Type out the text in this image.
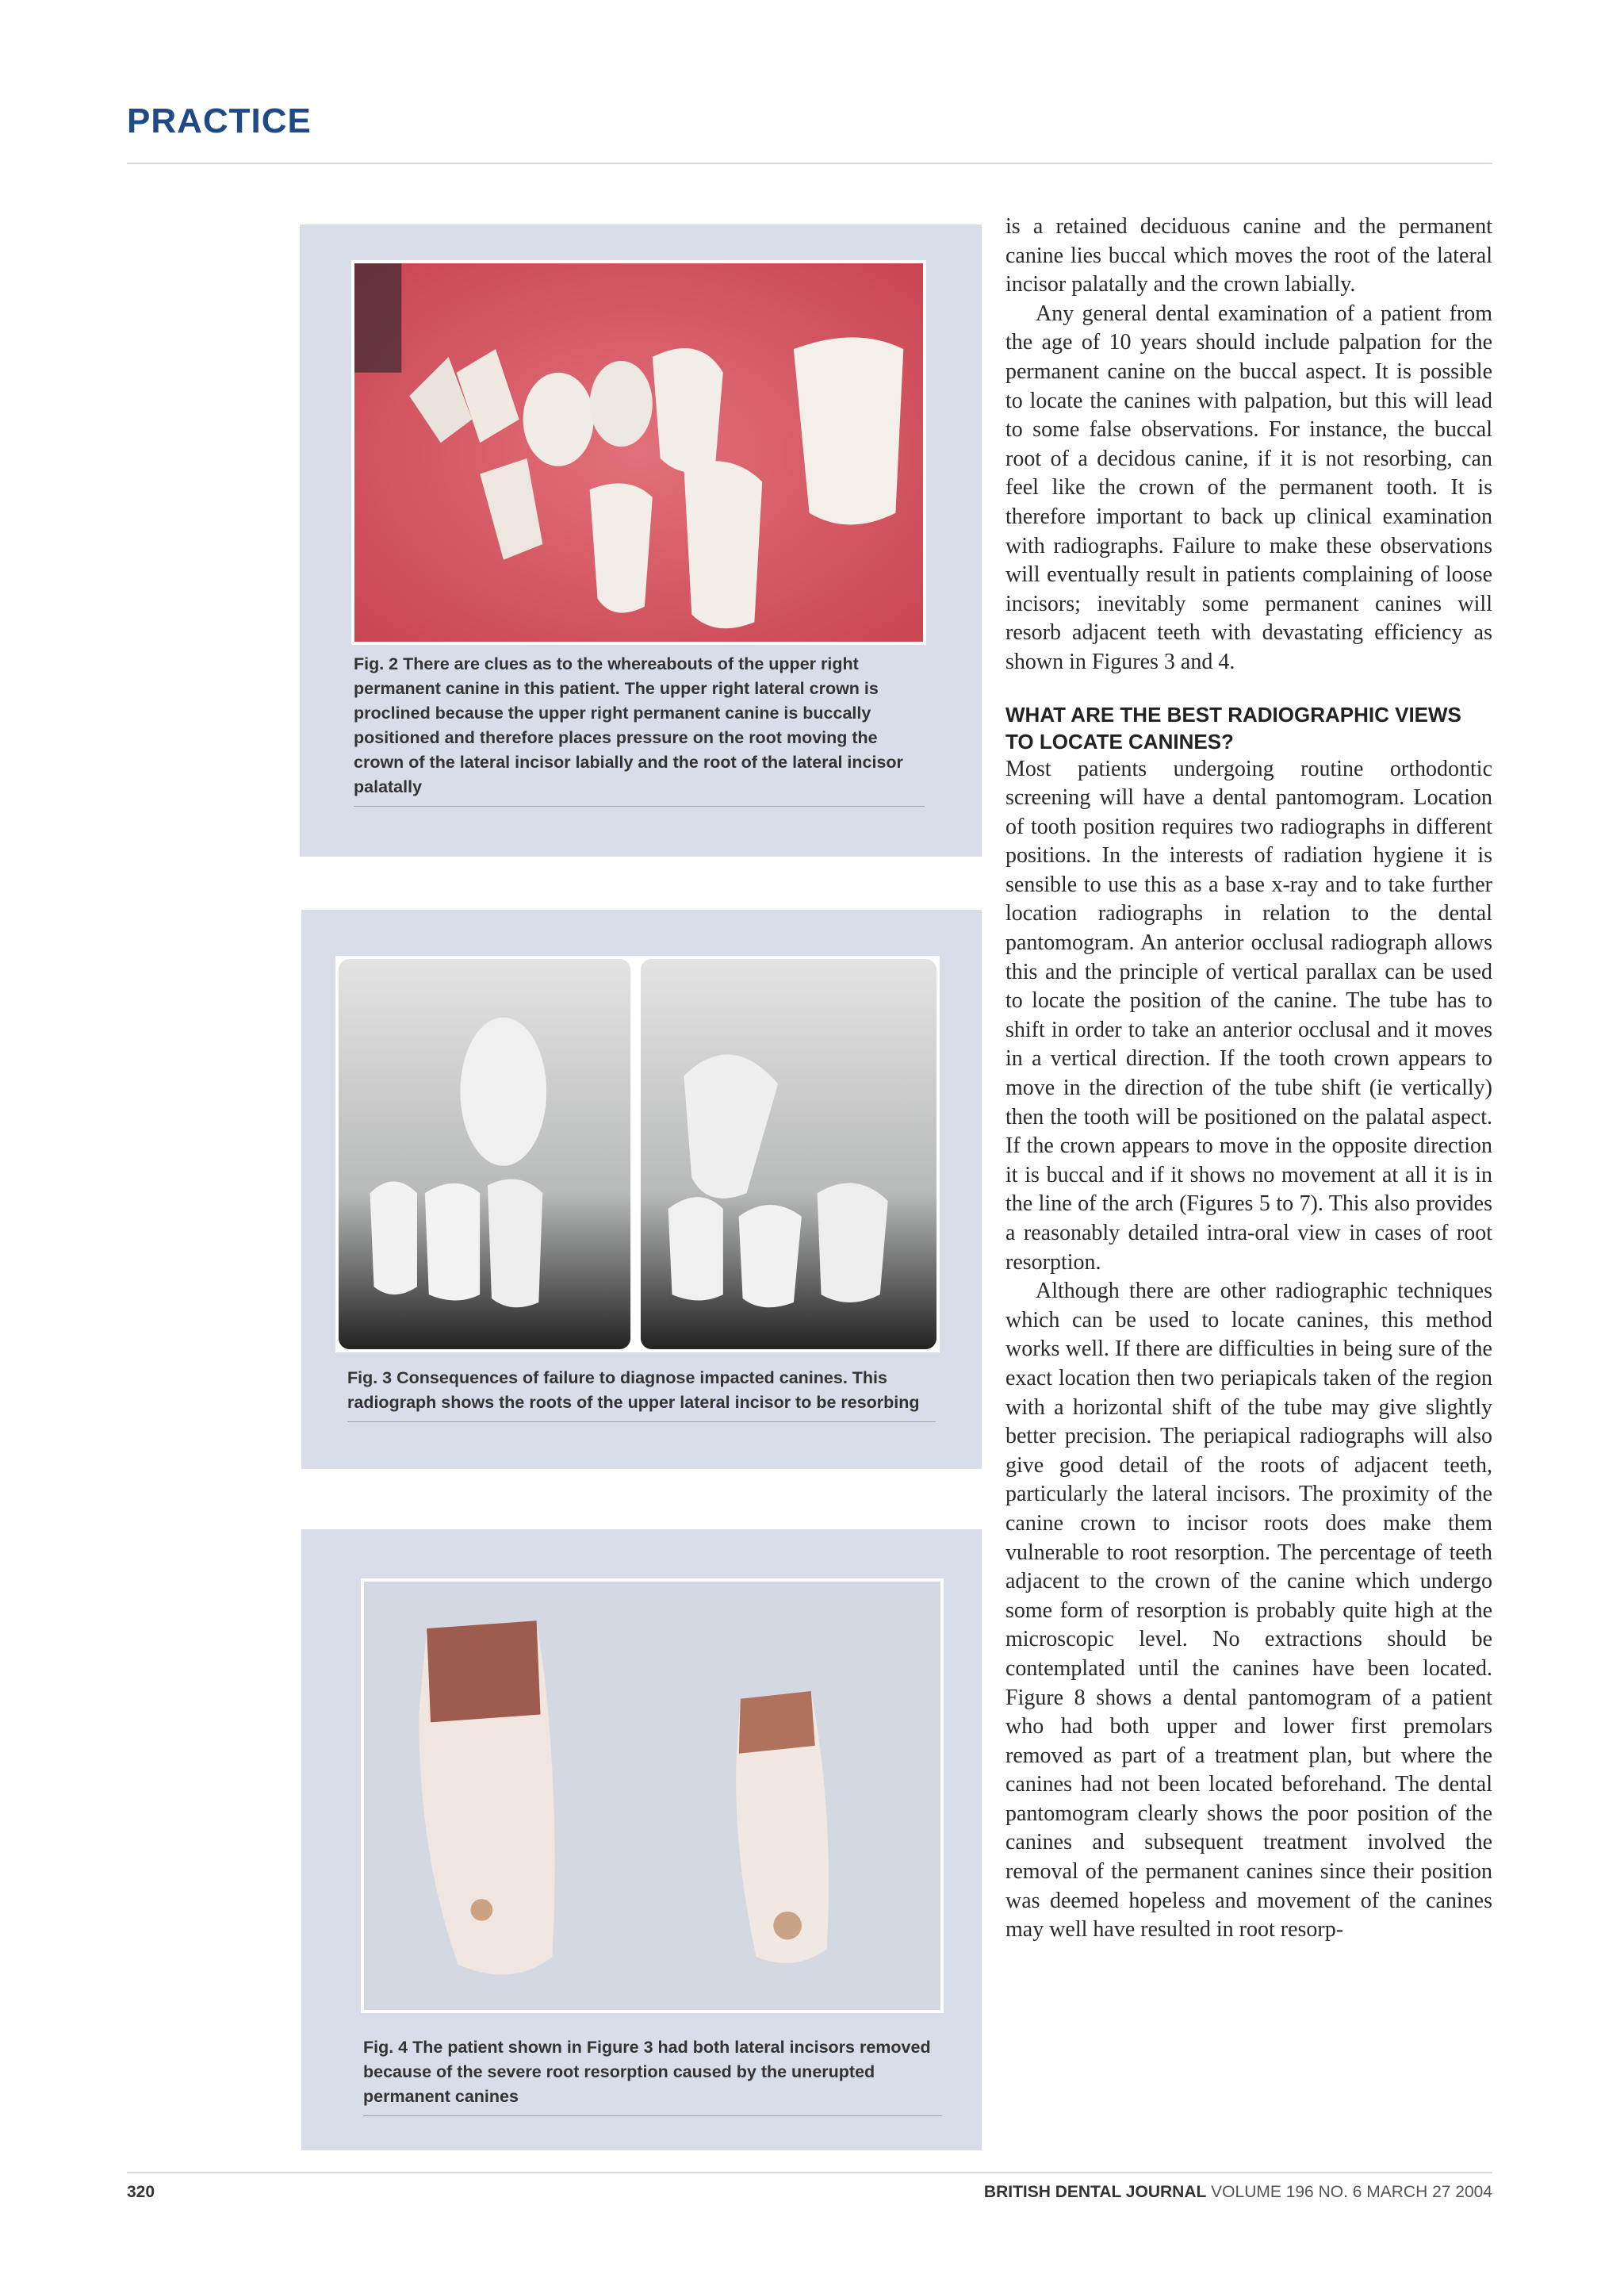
PRACTICE
Fig. 2 There are clues as to the whereabouts of the upper right permanent canine in this patient. The upper right lateral crown is proclined because the upper right permanent canine is buccally positioned and therefore places pressure on the root moving the crown of the lateral incisor labially and the root of the lateral incisor palatally
Fig. 3 Consequences of failure to diagnose impacted canines. This radiograph shows the roots of the upper lateral incisor to be resorbing
Fig. 4 The patient shown in Figure 3 had both lateral incisors removed because of the severe root resorption caused by the unerupted permanent canines

is a retained deciduous canine and the permanent canine lies buccal which moves the root of the lateral incisor palatally and the crown labially.

Any general dental examination of a patient from the age of 10 years should include palpation for the permanent canine on the buccal aspect. It is possible to locate the canines with palpation, but this will lead to some false observations. For instance, the buccal root of a decidous canine, if it is not resorbing, can feel like the crown of the permanent tooth. It is therefore important to back up clinical examination with radiographs. Failure to make these observations will eventually result in patients complaining of loose incisors; inevitably some permanent canines will resorb adjacent teeth with devastating efficiency as shown in Figures 3 and 4.

WHAT ARE THE BEST RADIOGRAPHIC VIEWS TO LOCATE CANINES?

Most patients undergoing routine orthodontic screening will have a dental pantomogram. Location of tooth position requires two radiographs in different positions. In the interests of radiation hygiene it is sensible to use this as a base x-ray and to take further location radiographs in relation to the dental pantomogram. An anterior occlusal radiograph allows this and the principle of vertical parallax can be used to locate the position of the canine. The tube has to shift in order to take an anterior occlusal and it moves in a vertical direction. If the tooth crown appears to move in the direction of the tube shift (ie vertically) then the tooth will be positioned on the palatal aspect. If the crown appears to move in the opposite direction it is buccal and if it shows no movement at all it is in the line of the arch (Figures 5 to 7). This also provides a reasonably detailed intra-oral view in cases of root resorption.

Although there are other radiographic techniques which can be used to locate canines, this method works well. If there are difficulties in being sure of the exact location then two periapicals taken of the region with a horizontal shift of the tube may give slightly better precision. The periapical radiographs will also give good detail of the roots of adjacent teeth, particularly the lateral incisors. The proximity of the canine crown to incisor roots does make them vulnerable to root resorption. The percentage of teeth adjacent to the crown of the canine which undergo some form of resorption is probably quite high at the microscopic level. No extractions should be contemplated until the canines have been located. Figure 8 shows a dental pantomogram of a patient who had both upper and lower first premolars removed as part of a treatment plan, but where the canines had not been located beforehand. The dental pantomogram clearly shows the poor position of the canines and subsequent treatment involved the removal of the permanent canines since their position was deemed hopeless and movement of the canines may well have resulted in root resorp-

320	BRITISH DENTAL JOURNAL VOLUME 196 NO. 6 MARCH 27 2004
